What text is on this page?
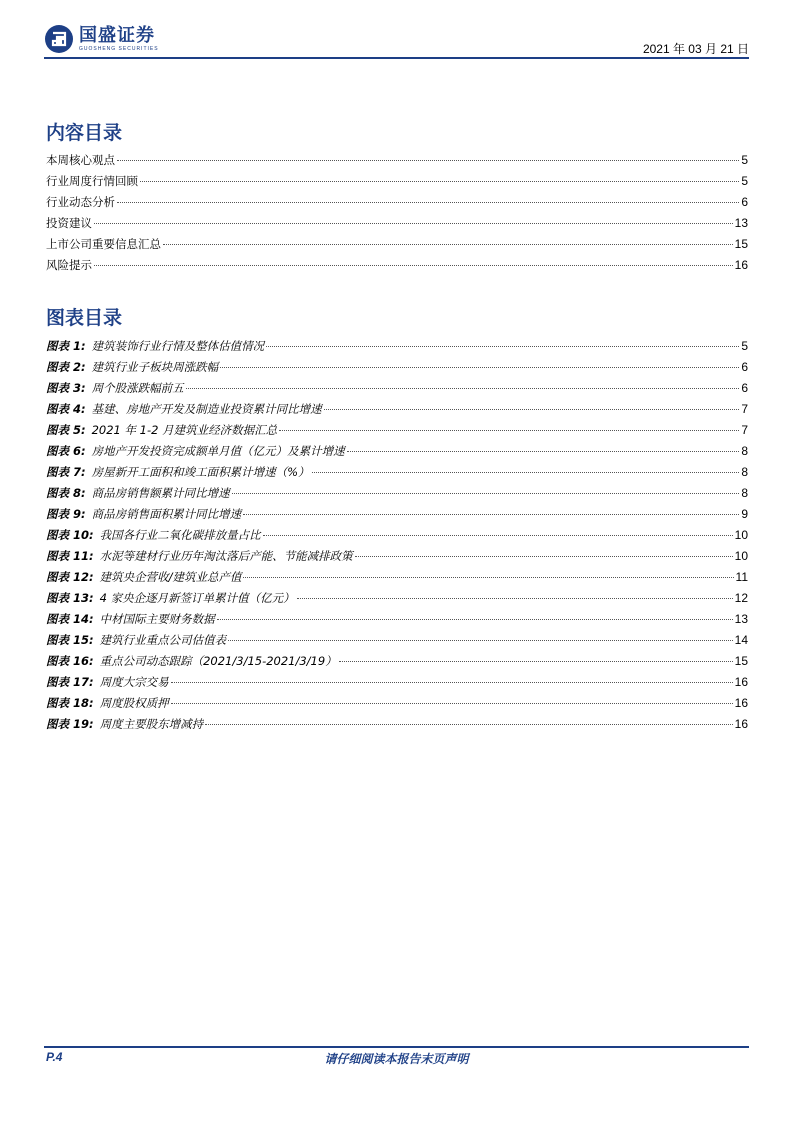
国盛证券
GUOSHENG SECURITIES	2021 年 03 月 21 日
内容目录
本周核心观点	5
行业周度行情回顾	5
行业动态分析	6
投资建议	13
上市公司重要信息汇总	15
风险提示	16
图表目录
图表 1: 建筑装饰行业行情及整体估值情况	5
图表 2: 建筑行业子板块周涨跌幅	6
图表 3: 周个股涨跌幅前五	6
图表 4: 基建、房地产开发及制造业投资累计同比增速	7
图表 5: 2021 年 1-2 月建筑业经济数据汇总	7
图表 6: 房地产开发投资完成额单月值（亿元）及累计增速	8
图表 7: 房屋新开工面积和竣工面积累计增速（%）	8
图表 8: 商品房销售额累计同比增速	8
图表 9: 商品房销售面积累计同比增速	9
图表 10: 我国各行业二氧化碳排放量占比	10
图表 11: 水泥等建材行业历年淘汰落后产能、节能减排政策	10
图表 12: 建筑央企营收/建筑业总产值	11
图表 13: 4 家央企逐月新签订单累计值（亿元）	12
图表 14: 中材国际主要财务数据	13
图表 15: 建筑行业重点公司估值表	14
图表 16: 重点公司动态跟踪（2021/3/15-2021/3/19）	15
图表 17: 周度大宗交易	16
图表 18: 周度股权质押	16
图表 19: 周度主要股东增减持	16
P.4	请仔细阅读本报告末页声明
